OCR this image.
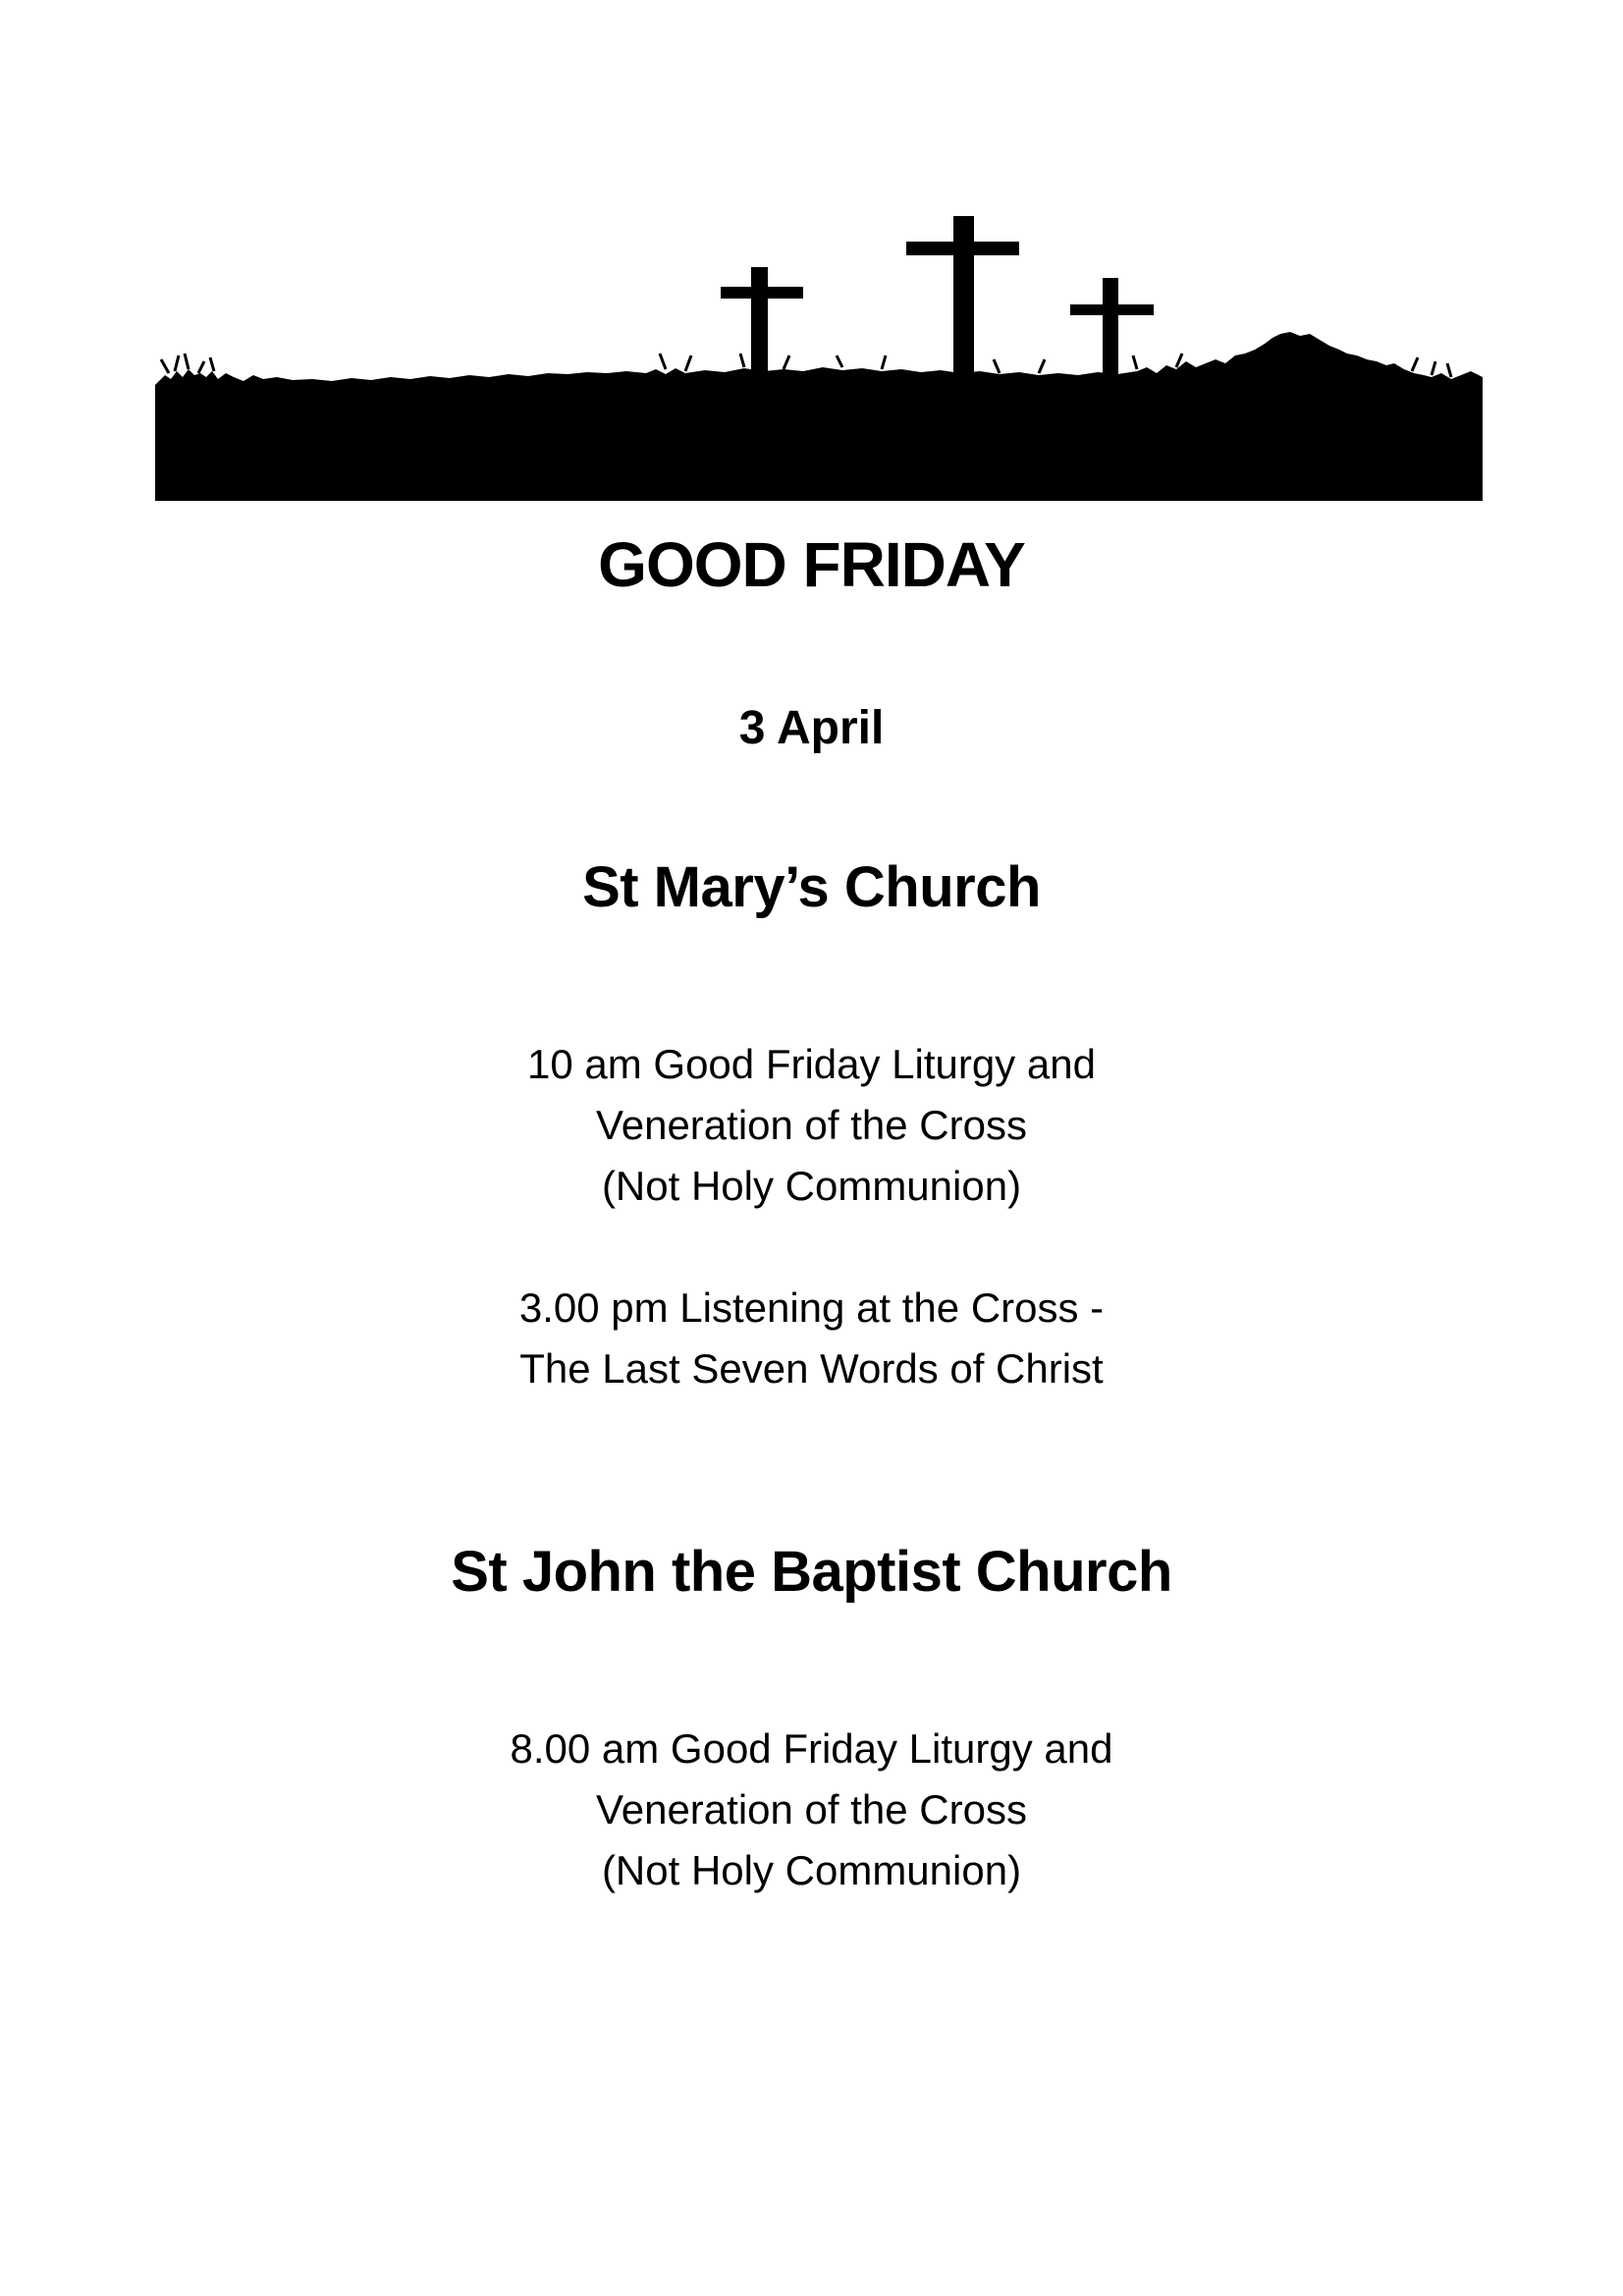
GOOD FRIDAY
3 April
St Mary’s Church
10 am Good Friday Liturgy and
Veneration of the Cross
(Not Holy Communion)
3.00 pm Listening at the Cross -
The Last Seven Words of Christ
St John the Baptist Church
8.00 am Good Friday Liturgy and
Veneration of the Cross
(Not Holy Communion)
